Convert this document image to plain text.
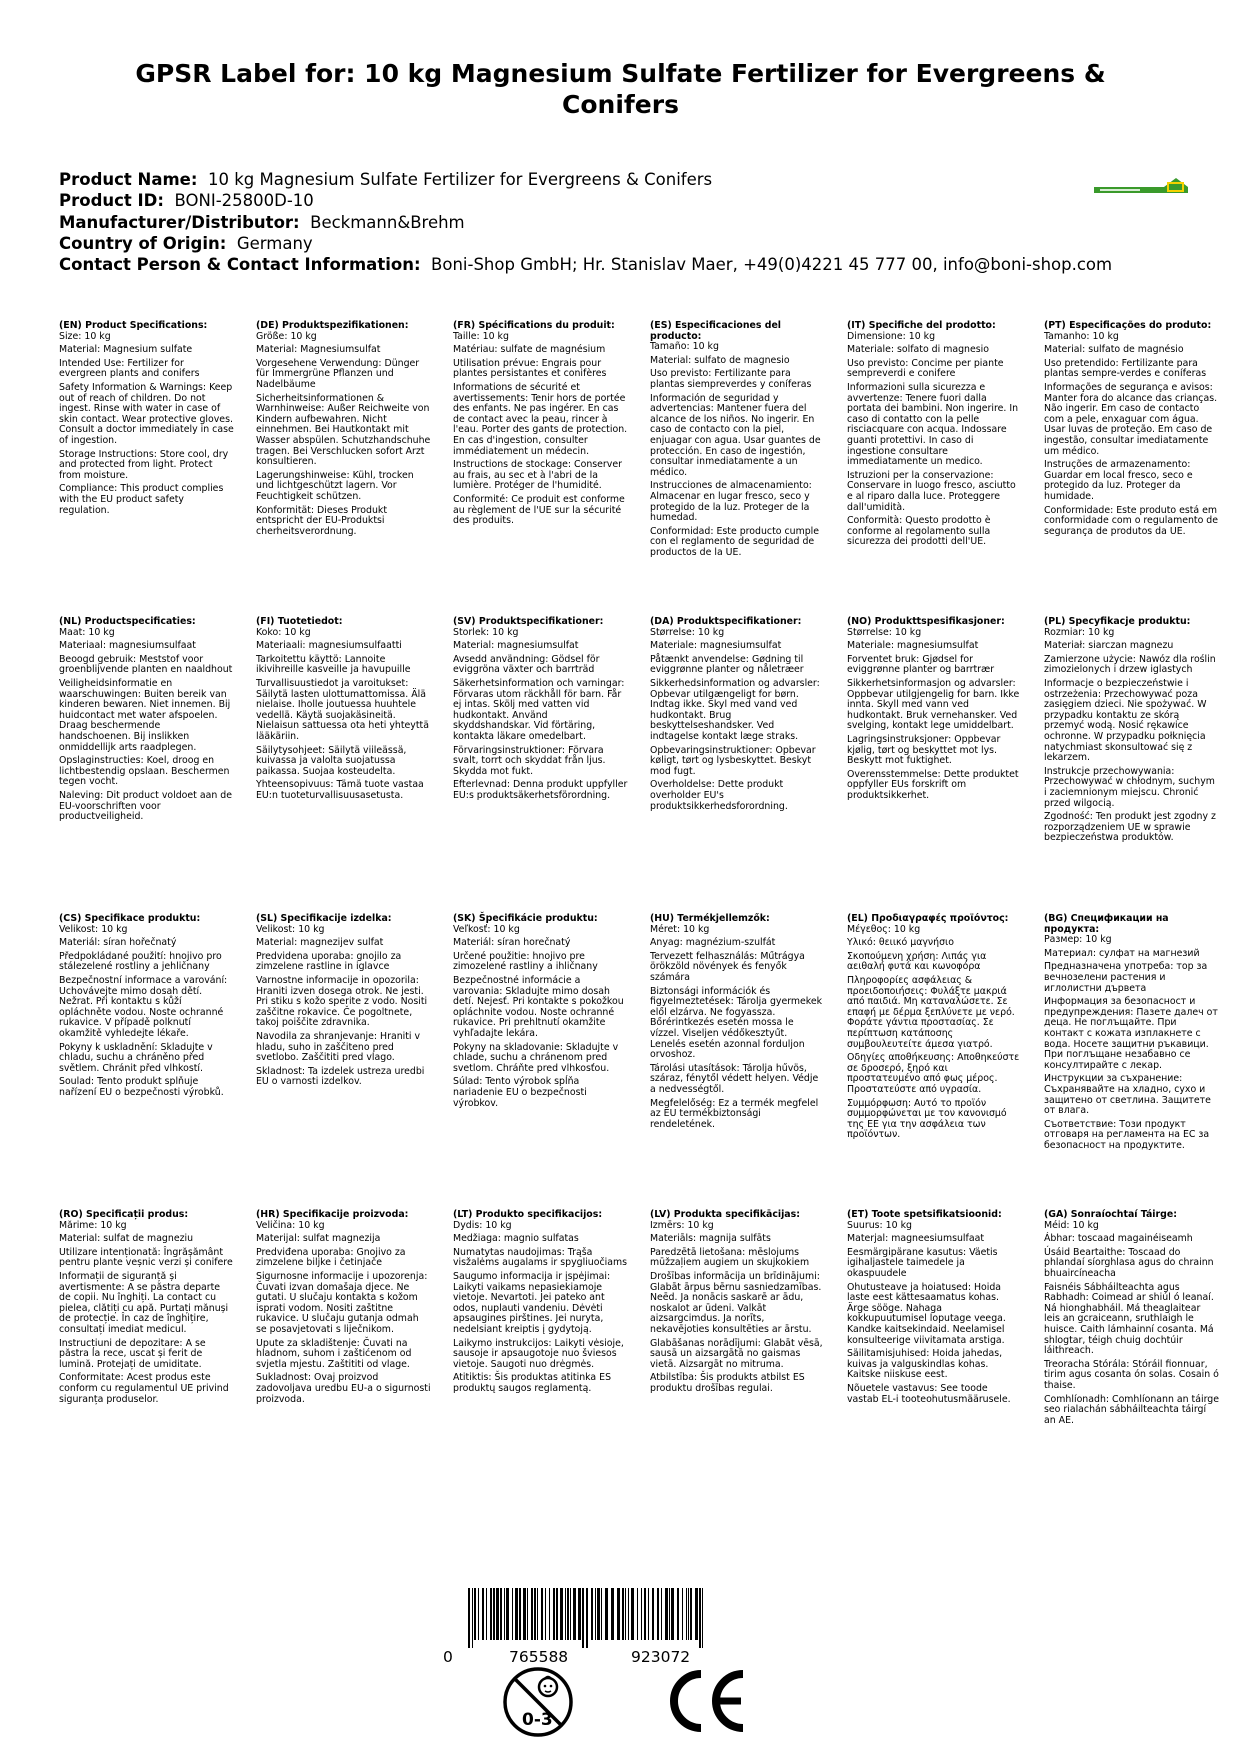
GPSR Label for: 10 kg Magnesium Sulfate Fertilizer for Evergreens & Conifers
Product Name: 10 kg Magnesium Sulfate Fertilizer for Evergreens & Conifers
Product ID: BONI-25800D-10
Manufacturer/Distributor: Beckmann&Brehm
Country of Origin: Germany
Contact Person & Contact Information: Boni-Shop GmbH; Hr. Stanislav Maer, +49(0)4221 45 777 00, info@boni-shop.com
(EN) Product Specifications:
Size: 10 kg
Material: Magnesium sulfate
Intended Use: Fertilizer for evergreen plants and conifers
Safety Information & Warnings: Keep out of reach of children. Do not ingest. Rinse with water in case of skin contact. Wear protective gloves. Consult a doctor immediately in case of ingestion.
Storage Instructions: Store cool, dry and protected from light. Protect from moisture.
Compliance: This product complies with the EU product safety regulation.
(DE) Produktspezifikationen:
Größe: 10 kg
Material: Magnesiumsulfat
Vorgesehene Verwendung: Dünger für Immergrüne Pflanzen und Nadelbäume
Sicherheitsinformationen & Warnhinweise: Außer Reichweite von Kindern aufbewahren. Nicht einnehmen. Bei Hautkontakt mit Wasser abspülen. Schutzhandschuhe tragen. Bei Verschlucken sofort Arzt konsultieren.
Lagerungshinweise: Kühl, trocken und lichtgeschützt lagern. Vor Feuchtigkeit schützen.
Konformität: Dieses Produkt entspricht der EU-Produktsi cherheitsverordnung.
(FR) Spécifications du produit:
Taille: 10 kg
Matériau: sulfate de magnésium
Utilisation prévue: Engrais pour plantes persistantes et conifères
Informations de sécurité et avertissements: Tenir hors de portée des enfants. Ne pas ingérer. En cas de contact avec la peau, rincer à l'eau. Porter des gants de protection. En cas d'ingestion, consulter immédiatement un médecin.
Instructions de stockage: Conserver au frais, au sec et à l'abri de la lumière. Protéger de l'humidité.
Conformité: Ce produit est conforme au règlement de l'UE sur la sécurité des produits.
(ES) Especificaciones del producto:
Tamaño: 10 kg
Material: sulfato de magnesio
Uso previsto: Fertilizante para plantas siempreverdes y coníferas
Información de seguridad y advertencias: Mantener fuera del alcance de los niños. No ingerir. En caso de contacto con la piel, enjuagar con agua. Usar guantes de protección. En caso de ingestión, consultar inmediatamente a un médico.
Instrucciones de almacenamiento: Almacenar en lugar fresco, seco y protegido de la luz. Proteger de la humedad.
Conformidad: Este producto cumple con el reglamento de seguridad de productos de la UE.
(IT) Specifiche del prodotto:
Dimensione: 10 kg
Materiale: solfato di magnesio
Uso previsto: Concime per piante sempreverdi e conifere
Informazioni sulla sicurezza e avvertenze: Tenere fuori dalla portata dei bambini. Non ingerire. In caso di contatto con la pelle risciacquare con acqua. Indossare guanti protettivi. In caso di ingestione consultare immediatamente un medico.
Istruzioni per la conservazione: Conservare in luogo fresco, asciutto e al riparo dalla luce. Proteggere dall'umidità.
Conformità: Questo prodotto è conforme al regolamento sulla sicurezza dei prodotti dell'UE.
(PT) Especificações do produto:
Tamanho: 10 kg
Material: sulfato de magnésio
Uso pretendido: Fertilizante para plantas sempre-verdes e coníferas
Informações de segurança e avisos: Manter fora do alcance das crianças. Não ingerir. Em caso de contacto com a pele, enxaguar com água. Usar luvas de proteção. Em caso de ingestão, consultar imediatamente um médico.
Instruções de armazenamento: Guardar em local fresco, seco e protegido da luz. Proteger da humidade.
Conformidade: Este produto está em conformidade com o regulamento de segurança de produtos da UE.
(NL) Productspecificaties:
Maat: 10 kg
Materiaal: magnesiumsulfaat
Beoogd gebruik: Meststof voor groenblijvende planten en naaldhout
Veiligheidsinformatie en waarschuwingen: Buiten bereik van kinderen bewaren. Niet innemen. Bij huidcontact met water afspoelen. Draag beschermende handschoenen. Bij inslikken onmiddellijk arts raadplegen.
Opslaginstructies: Koel, droog en lichtbestendig opslaan. Beschermen tegen vocht.
Naleving: Dit product voldoet aan de EU-voorschriften voor productveiligheid.
(FI) Tuotetiedot:
Koko: 10 kg
Materiaali: magnesiumsulfaatti
Tarkoitettu käyttö: Lannoite ikivihreille kasveille ja havupuille
Turvallisuustiedot ja varoitukset: Säilytä lasten ulottumattomissa. Älä nielaise. Iholle joutuessa huuhtele vedellä. Käytä suojakäsineitä. Nielaisun sattuessa ota heti yhteyttä lääkäriin.
Säilytysohjeet: Säilytä viileässä, kuivassa ja valolta suojatussa paikassa. Suojaa kosteudelta.
Yhteensopivuus: Tämä tuote vastaa EU:n tuoteturvallisuusasetusta.
(SV) Produktspecifikationer:
Storlek: 10 kg
Material: magnesiumsulfat
Avsedd användning: Gödsel för eviggröna växter och barrträd
Säkerhetsinformation och varningar: Förvaras utom räckhåll för barn. Får ej intas. Skölj med vatten vid hudkontakt. Använd skyddshandskar. Vid förtäring, kontakta läkare omedelbart.
Förvaringsinstruktioner: Förvara svalt, torrt och skyddat från ljus. Skydda mot fukt.
Efterlevnad: Denna produkt uppfyller EU:s produktsäkerhetsförordning.
(DA) Produktspecifikationer:
Størrelse: 10 kg
Materiale: magnesiumsulfat
Påtænkt anvendelse: Gødning til eviggrønne planter og nåletræer
Sikkerhedsinformation og advarsler: Opbevar utilgængeligt for børn. Indtag ikke. Skyl med vand ved hudkontakt. Brug beskyttelseshandsker. Ved indtagelse kontakt læge straks.
Opbevaringsinstruktioner: Opbevar køligt, tørt og lysbeskyttet. Beskyt mod fugt.
Overholdelse: Dette produkt overholder EU's produktsikkerhedsforordning.
(NO) Produkttspesifikasjoner:
Størrelse: 10 kg
Materiale: magnesiumsulfat
Forventet bruk: Gjødsel for eviggrønne planter og barrtrær
Sikkerhetsinformasjon og advarsler: Oppbevar utilgjengelig for barn. Ikke innta. Skyll med vann ved hudkontakt. Bruk vernehansker. Ved svelging, kontakt lege umiddelbart.
Lagringsinstruksjoner: Oppbevar kjølig, tørt og beskyttet mot lys. Beskytt mot fuktighet.
Overensstemmelse: Dette produktet oppfyller EUs forskrift om produktsikkerhet.
(PL) Specyfikacje produktu:
Rozmiar: 10 kg
Materiał: siarczan magnezu
Zamierzone użycie: Nawóz dla roślin zimozielonych i drzew iglastych
Informacje o bezpieczeństwie i ostrzeżenia: Przechowywać poza zasięgiem dzieci. Nie spożywać. W przypadku kontaktu ze skórą przemyć wodą. Nosić rękawice ochronne. W przypadku połknięcia natychmiast skonsultować się z lekarzem.
Instrukcje przechowywania: Przechowywać w chłodnym, suchym i zaciemnionym miejscu. Chronić przed wilgocią.
Zgodność: Ten produkt jest zgodny z rozporządzeniem UE w sprawie bezpieczeństwa produktów.
(CS) Specifikace produktu:
Velikost: 10 kg
Materiál: síran hořečnatý
Předpokládané použití: hnojivo pro stálezelené rostliny a jehličnany
Bezpečnostní informace a varování: Uchovávejte mimo dosah dětí. Nežrat. Při kontaktu s kůží opláchněte vodou. Noste ochranné rukavice. V případě polknutí okamžitě vyhledejte lékaře.
Pokyny k uskladnění: Skladujte v chladu, suchu a chráněno před světlem. Chránit před vlhkostí.
Soulad: Tento produkt splňuje nařízení EU o bezpečnosti výrobků.
(SL) Specifikacije izdelka:
Velikost: 10 kg
Material: magnezijev sulfat
Predvidena uporaba: gnojilo za zimzelene rastline in iglavce
Varnostne informacije in opozorila: Hraniti izven dosega otrok. Ne jesti. Pri stiku s kožo sperite z vodo. Nositi zaščitne rokavice. Če pogoltnete, takoj poiščite zdravnika.
Navodila za shranjevanje: Hraniti v hladu, suho in zaščiteno pred svetlobo. Zaščititi pred vlago.
Skladnost: Ta izdelek ustreza uredbi EU o varnosti izdelkov.
(SK) Špecifikácie produktu:
Veľkosť: 10 kg
Materiál: síran horečnatý
Určené použitie: hnojivo pre zimozelené rastliny a ihličnany
Bezpečnostné informácie a varovania: Skladujte mimo dosah detí. Nejesť. Pri kontakte s pokožkou opláchnite vodou. Noste ochranné rukavice. Pri prehltnutí okamžite vyhľadajte lekára.
Pokyny na skladovanie: Skladujte v chlade, suchu a chránenom pred svetlom. Chráňte pred vlhkosťou.
Súlad: Tento výrobok spĺňa nariadenie EU o bezpečnosti výrobkov.
(HU) Termékjellemzők:
Méret: 10 kg
Anyag: magnézium-szulfát
Tervezett felhasználás: Műtrágya örökzöld növények és fenyők számára
Biztonsági információk és figyelmeztetések: Tárolja gyermekek elől elzárva. Ne fogyassza. Bőrérintkezés esetén mossa le vízzel. Viseljen védőkesztyűt. Lenelés esetén azonnal forduljon orvoshoz.
Tárolási utasítások: Tárolja hűvös, száraz, fénytől védett helyen. Védje a nedvességtől.
Megfelelőség: Ez a termék megfelel az EU termékbiztonsági rendeletének.
(EL) Προδιαγραφές προϊόντος:
Μέγεθος: 10 kg
Υλικό: θειικό μαγνήσιο
Σκοπούμενη χρήση: Λιπάς για αειθαλή φυτά και κωνοφόρα
Πληροφορίες ασφάλειας & προειδοποιήσεις: Φυλάξτε μακριά από παιδιά. Μη καταναλώσετε. Σε επαφή με δέρμα ξεπλύνετε με νερό. Φοράτε γάντια προστασίας. Σε περίπτωση κατάποσης συμβουλευτείτε άμεσα γιατρό.
Οδηγίες αποθήκευσης: Αποθηκεύστε σε δροσερό, ξηρό και προστατευμένο από φως μέρος. Προστατεύστε από υγρασία.
Συμμόρφωση: Αυτό το προϊόν συμμορφώνεται με τον κανονισμό της ΕΕ για την ασφάλεια των προϊόντων.
(BG) Спецификации на продукта:
Размер: 10 kg
Материал: сулфат на магнезий
Предназначена употреба: тор за вечнозелени растения и иглолистни дървета
Информация за безопасност и предупреждения: Пазете далеч от деца. Не поглъщайте. При контакт с кожата изплакнете с вода. Носете защитни ръкавици. При поглъщане незабавно се консултирайте с лекар.
Инструкции за съхранение: Съхранявайте на хладно, сухо и защитено от светлина. Защитете от влага.
Съответствие: Този продукт отговаря на регламента на ЕС за безопасност на продуктите.
(RO) Specificații produs:
Mărime: 10 kg
Material: sulfat de magneziu
Utilizare intenționată: Îngrășământ pentru plante veșnic verzi și conifere
Informații de siguranță și avertismente: A se păstra departe de copii. Nu înghiți. La contact cu pielea, clătiți cu apă. Purtați mănuși de protecție. În caz de înghițire, consultați imediat medicul.
Instrucțiuni de depozitare: A se păstra la rece, uscat și ferit de lumină. Protejați de umiditate.
Conformitate: Acest produs este conform cu regulamentul UE privind siguranța produselor.
(HR) Specifikacije proizvoda:
Veličina: 10 kg
Materijal: sulfat magnezija
Predviđena uporaba: Gnojivo za zimzelene biljke i četinjače
Sigurnosne informacije i upozorenja: Čuvati izvan domašaja djece. Ne gutati. U slučaju kontakta s kožom isprati vodom. Nositi zaštitne rukavice. U slučaju gutanja odmah se posavjetovati s liječnikom.
Upute za skladištenje: Čuvati na hladnom, suhom i zaštićenom od svjetla mjestu. Zaštititi od vlage.
Sukladnost: Ovaj proizvod zadovoljava uredbu EU-a o sigurnosti proizvoda.
(LT) Produkto specifikacijos:
Dydis: 10 kg
Medžiaga: magnio sulfatas
Numatytas naudojimas: Trąša visžalėms augalams ir spygliuočiams
Saugumo informacija ir įspėjimai: Laikyti vaikams nepasiekiamoje vietoje. Nevartoti. Jei pateko ant odos, nuplauti vandeniu. Dėvėti apsaugines pirštines. Jei nuryta, nedelsiant kreiptis į gydytoją.
Laikymo instrukcijos: Laikyti vėsioje, sausoje ir apsaugotoje nuo šviesos vietoje. Saugoti nuo drėgmės.
Atitiktis: Šis produktas atitinka ES produktų saugos reglamentą.
(LV) Produkta specifikācijas:
Izmērs: 10 kg
Materiāls: magnija sulfāts
Paredzētā lietošana: mēslojums mūžzaļiem augiem un skujkokiem
Drošības informācija un brīdinājumi: Glabāt ārpus bērnu sasniedzamības. Neēd. Ja nonācis saskarē ar ādu, noskalot ar ūdeni. Valkāt aizsargcimdus. Ja norīts, nekavējoties konsultēties ar ārstu.
Glabāšanas norādījumi: Glabāt vēsā, sausā un aizsargātā no gaismas vietā. Aizsargāt no mitruma.
Atbilstība: Šis produkts atbilst ES produktu drošības regulai.
(ET) Toote spetsifikatsioonid:
Suurus: 10 kg
Materjal: magneesiumsulfaat
Eesmärgipärane kasutus: Väetis igihaljastele taimedele ja okaspuudele
Ohutusteave ja hoiatused: Hoida laste eest kättesaamatus kohas. Ärge sööge. Nahaga kokkupuutumisel loputage veega. Kandke kaitsekindaid. Neelamisel konsulteerige viivitamata arstiga.
Säilitamisjuhised: Hoida jahedas, kuivas ja valguskindlas kohas. Kaitske niiskuse eest.
Nõuetele vastavus: See toode vastab EL-i tooteohutusmäärusele.
(GA) Sonraíochtaí Táirge:
Méid: 10 kg
Ábhar: toscaad magainéiseamh
Úsáid Beartaithe: Toscaad do phlandaí síorghlasa agus do chrainn bhuaircíneacha
Faisnéis Sábháilteachta agus Rabhadh: Coimead ar shiúl ó leanaí. Ná hionghabháil. Má theaglaitear leis an gcraiceann, sruthlaigh le huisce. Caith lámhainní cosanta. Má shlogtar, téigh chuig dochtúir láithreach.
Treoracha Stórála: Stóráil fionnuar, tirim agus cosanta ón solas. Cosain ó thaise.
Comhlíonadh: Comhlíonann an táirge seo rialachán sábháilteachta táirgí an AE.
0	765588	923072
0-3
